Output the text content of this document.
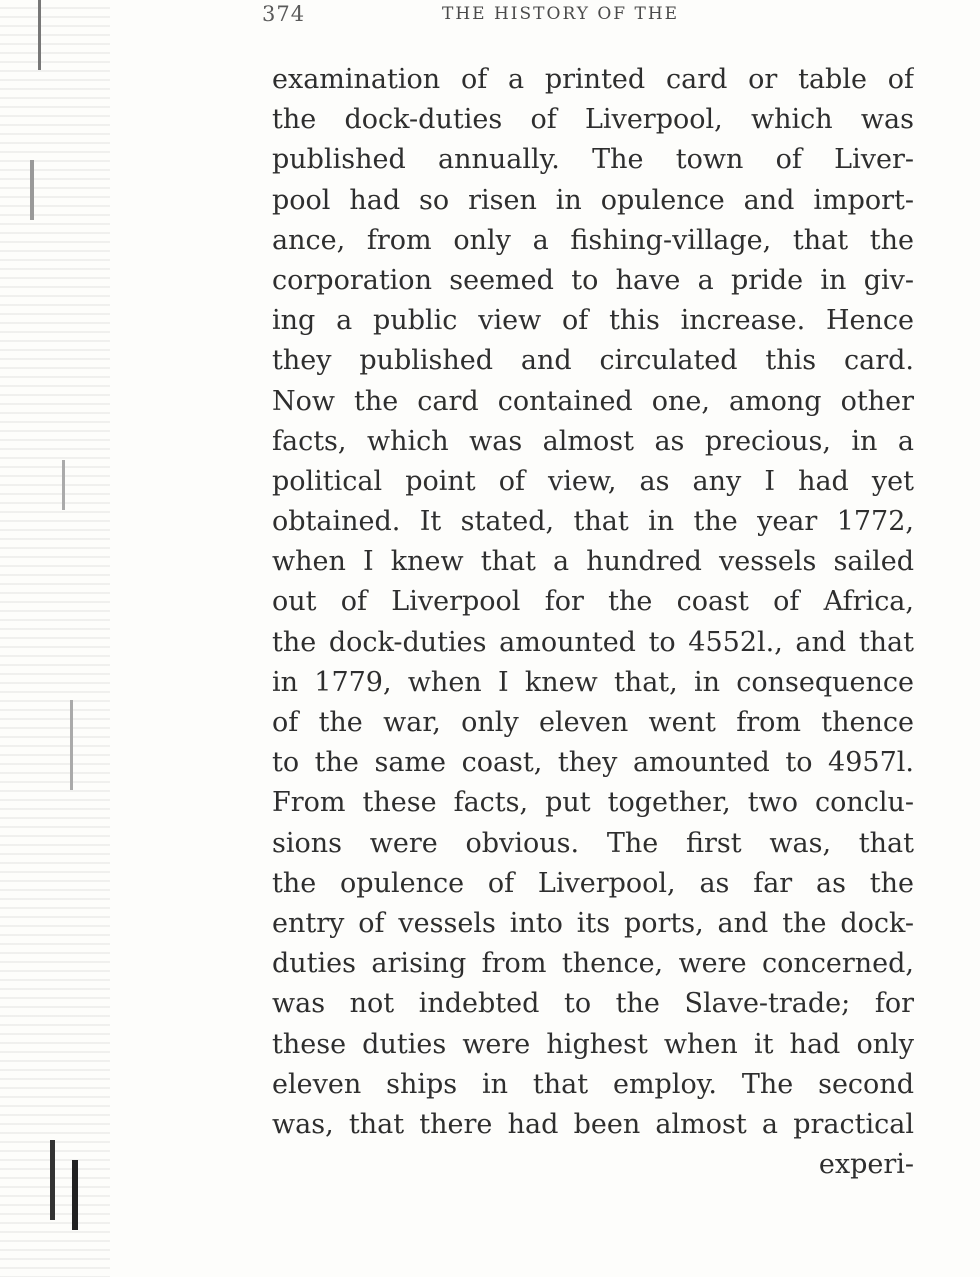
374	THE HISTORY OF THE
examination of a printed card or table of
the dock-duties of Liverpool, which was
published annually. The town of Liver-
pool had so risen in opulence and import-
ance, from only a fishing-village, that the
corporation seemed to have a pride in giv-
ing a public view of this increase. Hence
they published and circulated this card.
Now the card contained one, among other
facts, which was almost as precious, in a
political point of view, as any I had yet
obtained. It stated, that in the year 1772,
when I knew that a hundred vessels sailed
out of Liverpool for the coast of Africa,
the dock-duties amounted to 4552l., and that
in 1779, when I knew that, in consequence
of the war, only eleven went from thence
to the same coast, they amounted to 4957l.
From these facts, put together, two conclu-
sions were obvious. The first was, that
the opulence of Liverpool, as far as the
entry of vessels into its ports, and the dock-
duties arising from thence, were concerned,
was not indebted to the Slave-trade; for
these duties were highest when it had only
eleven ships in that employ. The second
was, that there had been almost a practical
experi-
